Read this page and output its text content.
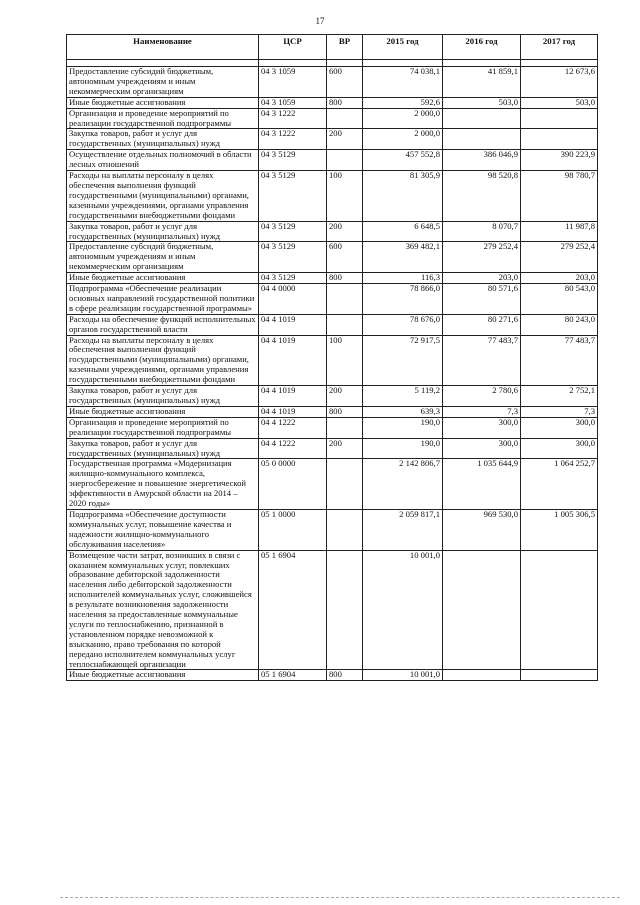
17
Наименование	ЦСР	ВР	2015 год	2016 год	2017 год

Предоставление субсидий бюджетным, автономным учреждениям и иным некоммерческим организациям	04 3 1059	600	74 038,1	41 859,1	12 673,6
Иные бюджетные ассигнования	04 3 1059	800	592,6	503,0	503,0
Организация и проведение мероприятий по реализации государственной подпрограммы	04 3 1222		2 000,0		
Закупка товаров, работ и услуг для государственных (муниципальных) нужд	04 3 1222	200	2 000,0		
Осуществление отдельных полномочий в области лесных отношений	04 3 5129		457 552,8	386 046,9	390 223,9
Расходы на выплаты персоналу в целях обеспечения выполнения функций государственными (муниципальными) органами, казенными учреждениями, органами управления государственными внебюджетными фондами	04 3 5129	100	81 305,9	98 520,8	98 780,7
Закупка товаров, работ и услуг для государственных (муниципальных) нужд	04 3 5129	200	6 648,5	8 070,7	11 987,8
Предоставление субсидий бюджетным, автономным учреждениям и иным некоммерческим организациям	04 3 5129	600	369 482,1	279 252,4	279 252,4
Иные бюджетные ассигнования	04 3 5129	800	116,3	203,0	203,0
Подпрограмма «Обеспечение реализации основных направлений государственной политики в сфере реализации государственной программы»	04 4 0000		78 866,0	80 571,6	80 543,0
Расходы на обеспечение функций исполнительных органов государственной власти	04 4 1019		78 676,0	80 271,6	80 243,0
Расходы на выплаты персоналу в целях обеспечения выполнения функций государственными (муниципальными) органами, казенными учреждениями, органами управления государственными внебюджетными фондами	04 4 1019	100	72 917,5	77 483,7	77 483,7
Закупка товаров, работ и услуг для государственных (муниципальных) нужд	04 4 1019	200	5 119,2	2 780,6	2 752,1
Иные бюджетные ассигнования	04 4 1019	800	639,3	7,3	7,3
Организация и проведение мероприятий по реализации государственной подпрограммы	04 4 1222		190,0	300,0	300,0
Закупка товаров, работ и услуг для государственных (муниципальных) нужд	04 4 1222	200	190,0	300,0	300,0
Государственная программа «Модернизация жилищно-коммунального комплекса, энергосбережение и повышение энергетической эффективности в Амурской области на 2014 – 2020 годы»	05 0 0000		2 142 806,7	1 035 644,9	1 064 252,7
Подпрограмма «Обеспечение доступности коммунальных услуг, повышение качества и надежности жилищно-коммунального обслуживания населения»	05 1 0000		2 059 817,1	969 530,0	1 005 306,5
Возмещение части затрат, возникших в связи с оказанием коммунальных услуг, повлекших образование дебиторской задолженности населения либо дебиторской задолженности исполнителей коммунальных услуг, сложившейся в результате возникновения задолженности населения за предоставленные коммунальные услуги по теплоснабжению, признанной в установленном порядке невозможной к взысканию, право требования по которой передано исполнителем коммунальных услуг теплоснабжающей организации	05 1 6904		10 001,0		
Иные бюджетные ассигнования	05 1 6904	800	10 001,0		
